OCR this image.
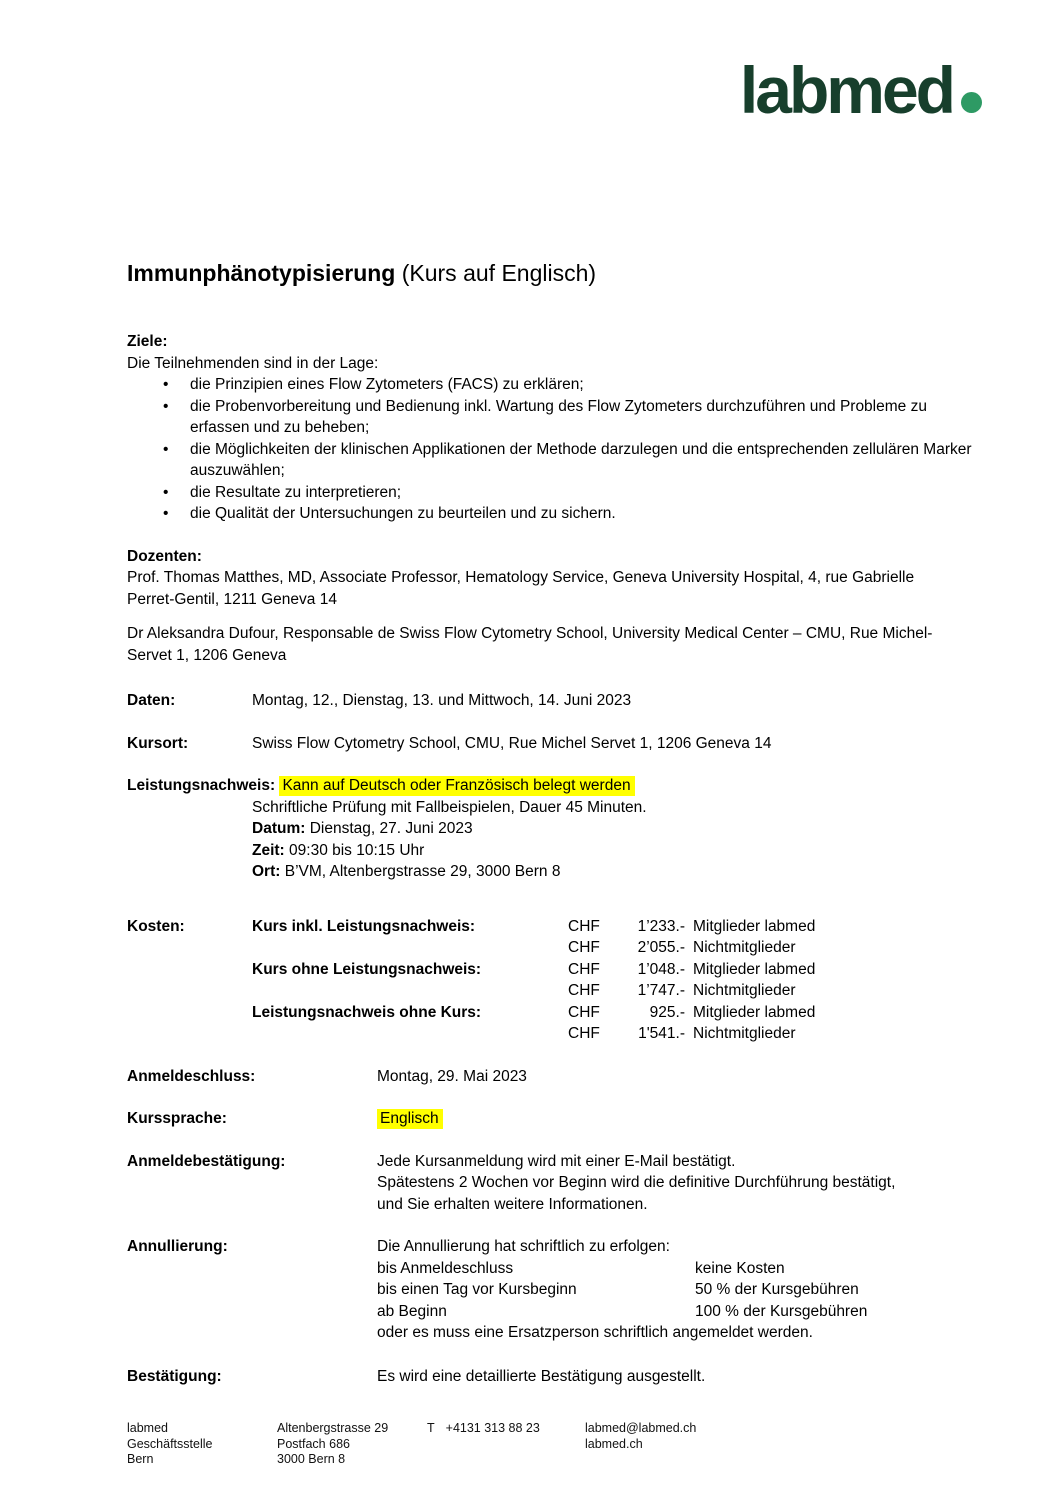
labmed
Immunphänotypisierung (Kurs auf Englisch)
Ziele:
Die Teilnehmenden sind in der Lage:
• die Prinzipien eines Flow Zytometers (FACS) zu erklären;
• die Probenvorbereitung und Bedienung inkl. Wartung des Flow Zytometers durchzuführen und Probleme zu erfassen und zu beheben;
• die Möglichkeiten der klinischen Applikationen der Methode darzulegen und die entsprechenden zellulären Marker auszuwählen;
• die Resultate zu interpretieren;
• die Qualität der Untersuchungen zu beurteilen und zu sichern.
Dozenten:
Prof. Thomas Matthes, MD, Associate Professor, Hematology Service, Geneva University Hospital, 4, rue Gabrielle Perret-Gentil, 1211 Geneva 14
Dr Aleksandra Dufour, Responsable de Swiss Flow Cytometry School, University Medical Center – CMU, Rue Michel-Servet 1, 1206 Geneva
Daten:	Montag, 12., Dienstag, 13. und Mittwoch, 14. Juni 2023
Kursort:	Swiss Flow Cytometry School, CMU, Rue Michel Servet 1, 1206 Geneva 14
Leistungsnachweis: Kann auf Deutsch oder Französisch belegt werden
Schriftliche Prüfung mit Fallbeispielen, Dauer 45 Minuten.
Datum: Dienstag, 27. Juni 2023
Zeit: 09:30 bis 10:15 Uhr
Ort: B’VM, Altenbergstrasse 29, 3000 Bern 8
Kosten:	Kurs inkl. Leistungsnachweis:	CHF	1’233.- Mitglieder labmed
CHF	2’055.- Nichtmitglieder
Kurs ohne Leistungsnachweis:	CHF	1’048.- Mitglieder labmed
CHF	1’747.- Nichtmitglieder
Leistungsnachweis ohne Kurs:	CHF	925.- Mitglieder labmed
CHF	1'541.- Nichtmitglieder
Anmeldeschluss:	Montag, 29. Mai 2023
Kurssprache:	Englisch
Anmeldebestätigung:	Jede Kursanmeldung wird mit einer E-Mail bestätigt.
Spätestens 2 Wochen vor Beginn wird die definitive Durchführung bestätigt,
und Sie erhalten weitere Informationen.
Annullierung:	Die Annullierung hat schriftlich zu erfolgen:
bis Anmeldeschluss	keine Kosten
bis einen Tag vor Kursbeginn	50 % der Kursgebühren
ab Beginn	100 % der Kursgebühren
oder es muss eine Ersatzperson schriftlich angemeldet werden.
Bestätigung:	Es wird eine detaillierte Bestätigung ausgestellt.
labmed
Geschäftsstelle
Bern
Altenbergstrasse 29
Postfach 686
3000 Bern 8
T +4131 313 88 23	labmed@labmed.ch
labmed.ch
